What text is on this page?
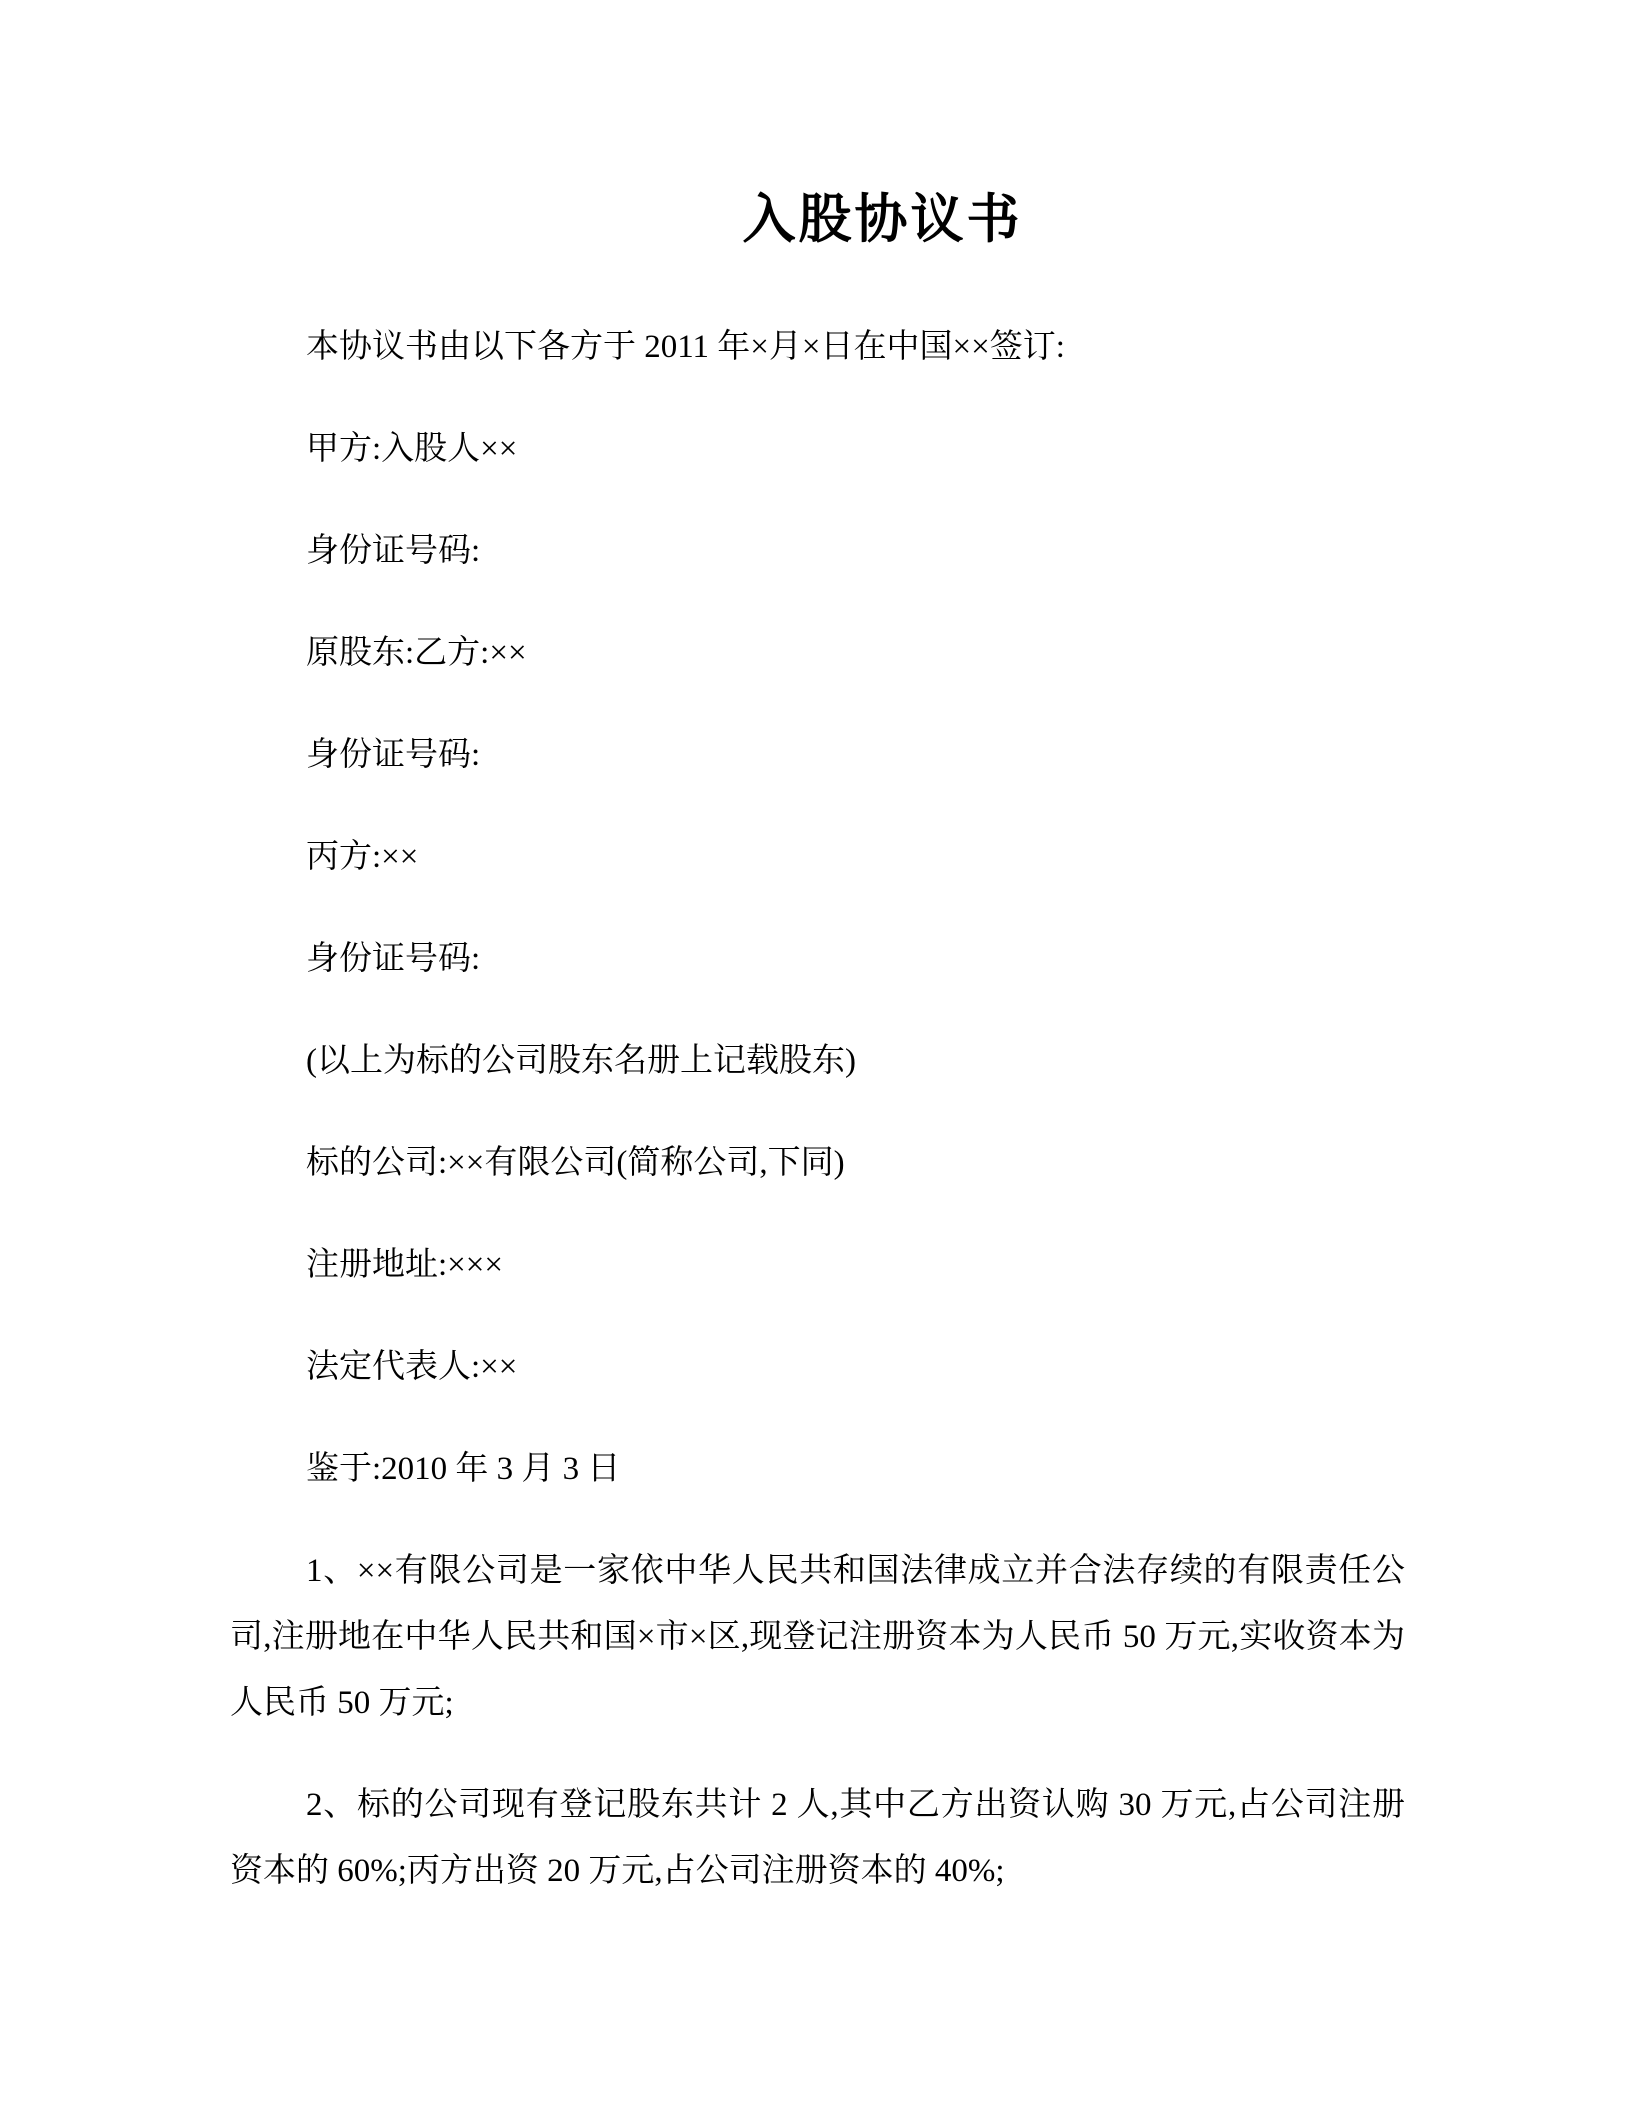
入股协议书

本协议书由以下各方于 2011 年×月×日在中国××签订:

甲方:入股人××

身份证号码:

原股东:乙方:××

身份证号码:

丙方:××

身份证号码:

(以上为标的公司股东名册上记载股东)

标的公司:××有限公司(简称公司,下同)

注册地址:×××

法定代表人:××

鉴于:2010 年 3 月 3 日

1、××有限公司是一家依中华人民共和国法律成立并合法存续的有限责任公司,注册地在中华人民共和国×市×区,现登记注册资本为人民币 50 万元,实收资本为人民币 50 万元;

2、标的公司现有登记股东共计 2 人,其中乙方出资认购 30 万元,占公司注册资本的 60%;丙方出资 20 万元,占公司注册资本的 40%;
